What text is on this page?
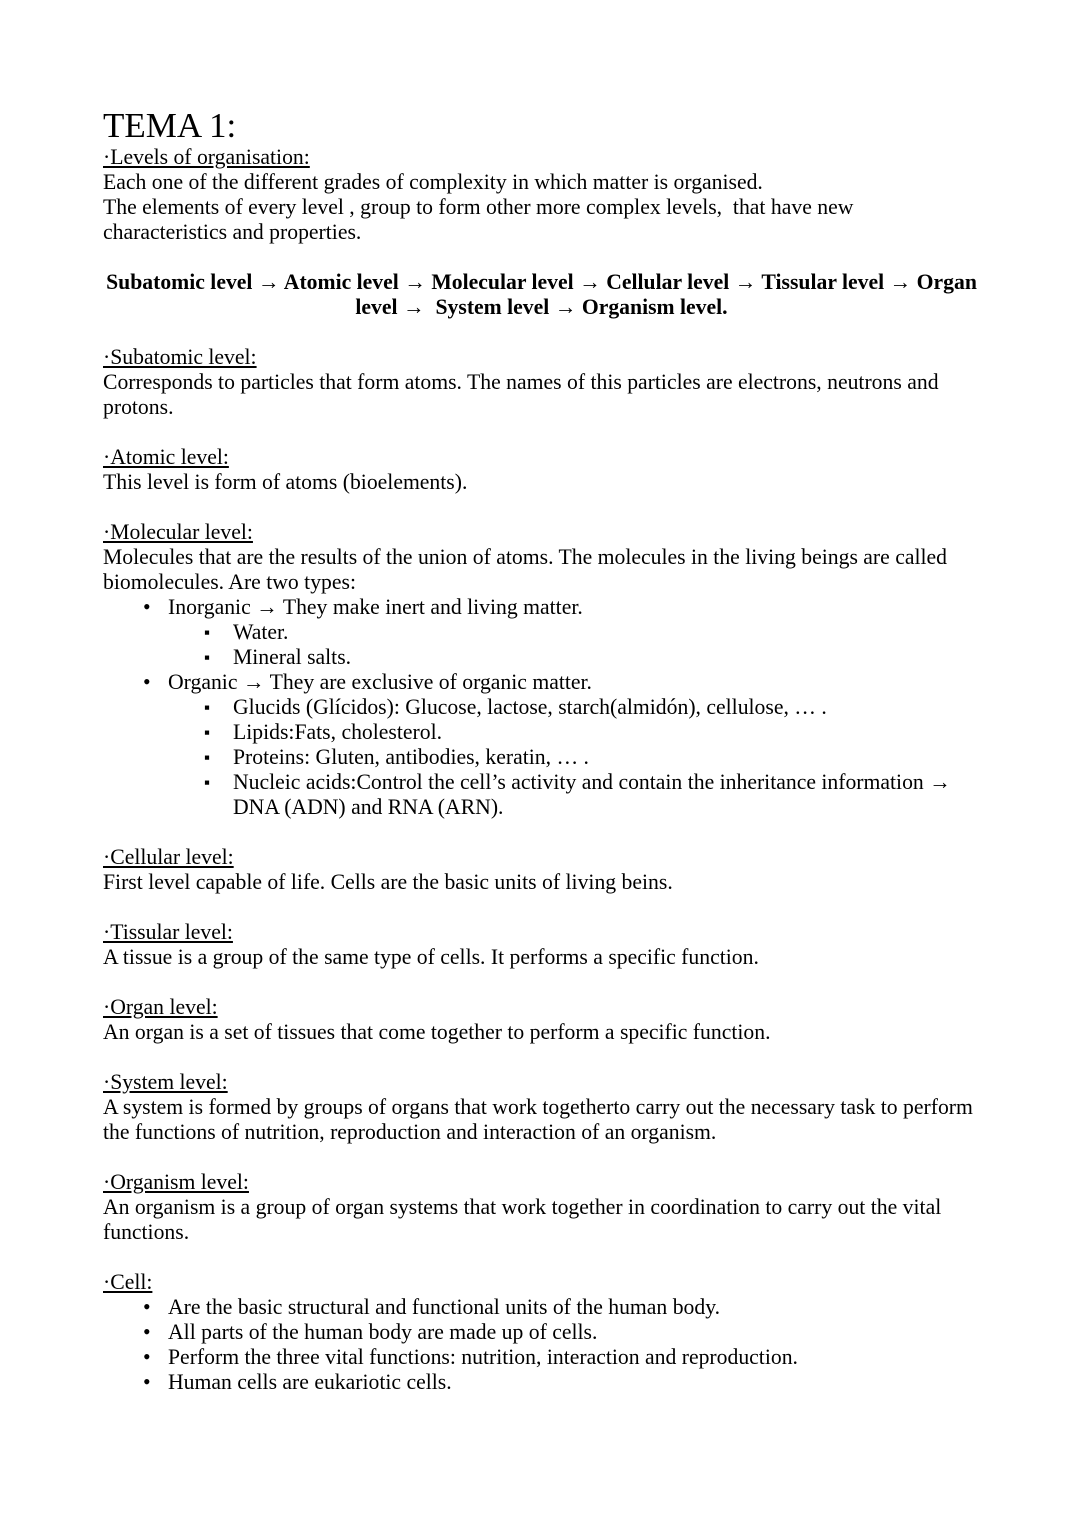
TEMA 1:
·Levels of organisation:

Each one of the different grades of complexity in which matter is organised.

The elements of every level , group to form other more complex levels,  that have new characteristics and properties.

Subatomic level → Atomic level → Molecular level → Cellular level → Tissular level → Organ

level →  System level → Organism level.

·Subatomic level:

Corresponds to particles that form atoms. The names of this particles are electrons, neutrons and protons.

·Atomic level:

This level is form of atoms (bioelements).

·Molecular level:

Molecules that are the results of the union of atoms. The molecules in the living beings are called biomolecules. Are two types:

• Inorganic → They make inert and living matter.
▪ Water.
▪ Mineral salts.
• Organic → They are exclusive of organic matter.
▪ Glucids (Glícidos): Glucose, lactose, starch(almidón), cellulose, … .
▪ Lipids:Fats, cholesterol.
▪ Proteins: Gluten, antibodies, keratin, … .
▪ Nucleic acids:Control the cell’s activity and contain the inheritance information → DNA (ADN) and RNA (ARN).
·Cellular level:

First level capable of life. Cells are the basic units of living beins.

·Tissular level:

A tissue is a group of the same type of cells. It performs a specific function.

·Organ level:

An organ is a set of tissues that come together to perform a specific function.

·System level:

A system is formed by groups of organs that work togetherto carry out the necessary task to perform the functions of nutrition, reproduction and interaction of an organism.

·Organism level:

An organism is a group of organ systems that work together in coordination to carry out the vital functions.

·Cell:
• Are the basic structural and functional units of the human body.
• All parts of the human body are made up of cells.
• Perform the three vital functions: nutrition, interaction and reproduction.
• Human cells are eukariotic cells.
